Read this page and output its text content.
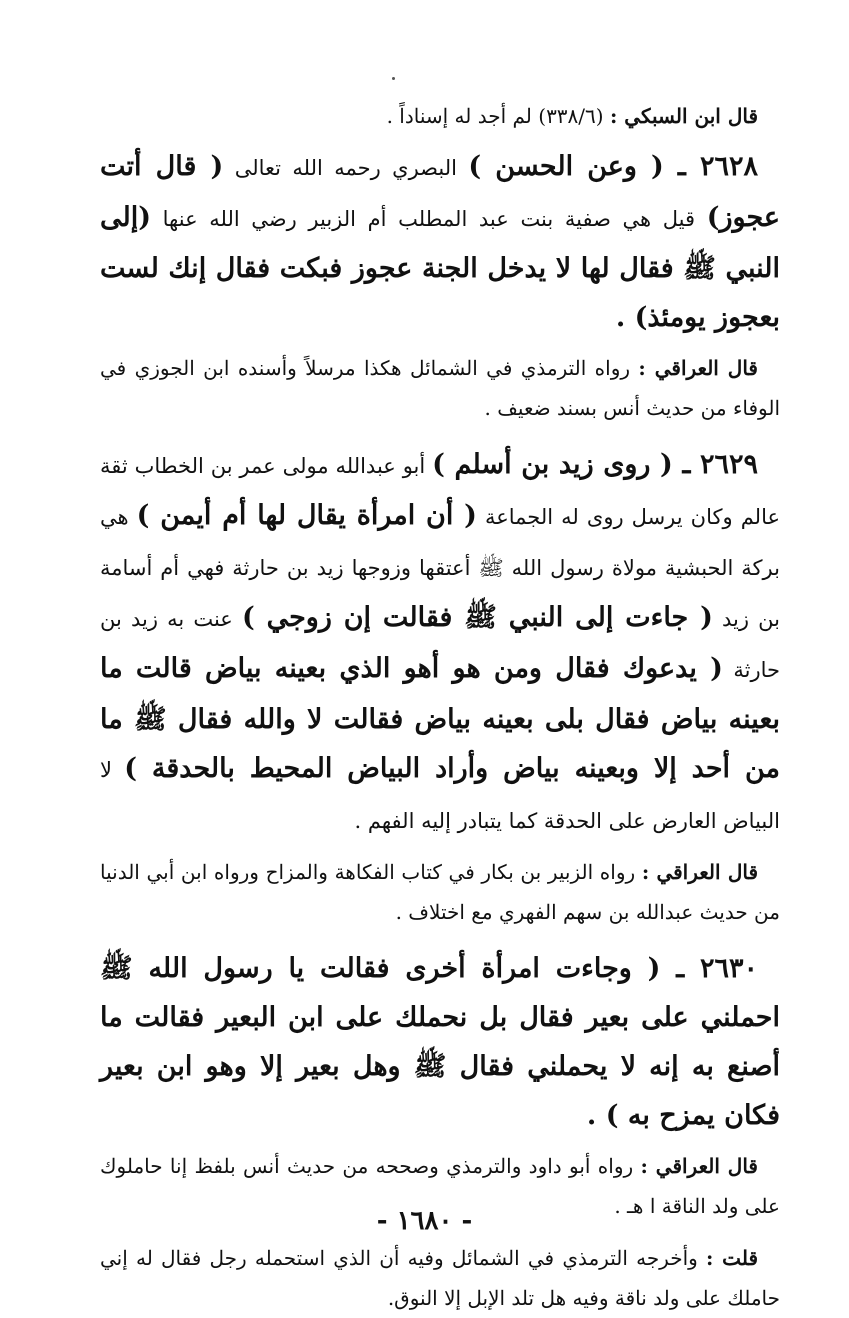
قال ابن السبكي : (٣٣٨/٦) لم أجد له إسناداً .

٢٦٢٨ ـ ( وعن الحسن ) البصري رحمه الله تعالى ( قال أتت عجوز) قيل هي صفية بنت عبد المطلب أم الزبير رضي الله عنها (إلى النبي ﷺ فقال لها لا يدخل الجنة عجوز فبكت فقال إنك لست بعجوز يومئذ) .

قال العراقي : رواه الترمذي في الشمائل هكذا مرسلاً وأسنده ابن الجوزي في الوفاء من حديث أنس بسند ضعيف .

٢٦٢٩ ـ ( روى زيد بن أسلم ) أبو عبدالله مولى عمر بن الخطاب ثقة عالم وكان يرسل روى له الجماعة ( أن امرأة يقال لها أم أيمن ) هي بركة الحبشية مولاة رسول الله ﷺ أعتقها وزوجها زيد بن حارثة فهي أم أسامة بن زيد ( جاءت إلى النبي ﷺ فقالت إن زوجي ) عنت به زيد بن حارثة ( يدعوك فقال ومن هو أهو الذي بعينه بياض قالت ما بعينه بياض فقال بلى بعينه بياض فقالت لا والله فقال ﷺ ما من أحد إلا وبعينه بياض وأراد البياض المحيط بالحدقة ) لا البياض العارض على الحدقة كما يتبادر إليه الفهم .

قال العراقي : رواه الزبير بن بكار في كتاب الفكاهة والمزاح ورواه ابن أبي الدنيا من حديث عبدالله بن سهم الفهري مع اختلاف .

٢٦٣٠ ـ ( وجاءت امرأة أخرى فقالت يا رسول الله ﷺ احملني على بعير فقال بل نحملك على ابن البعير فقالت ما أصنع به إنه لا يحملني فقال ﷺ وهل بعير إلا وهو ابن بعير فكان يمزح به ) .

قال العراقي : رواه أبو داود والترمذي وصححه من حديث أنس بلفظ إنا حاملوك على ولد الناقة ا هـ .

قلت : وأخرجه الترمذي في الشمائل وفيه أن الذي استحمله رجل فقال له إني حاملك على ولد ناقة وفيه هل تلد الإبل إلا النوق.

- ١٦٨٠ -
